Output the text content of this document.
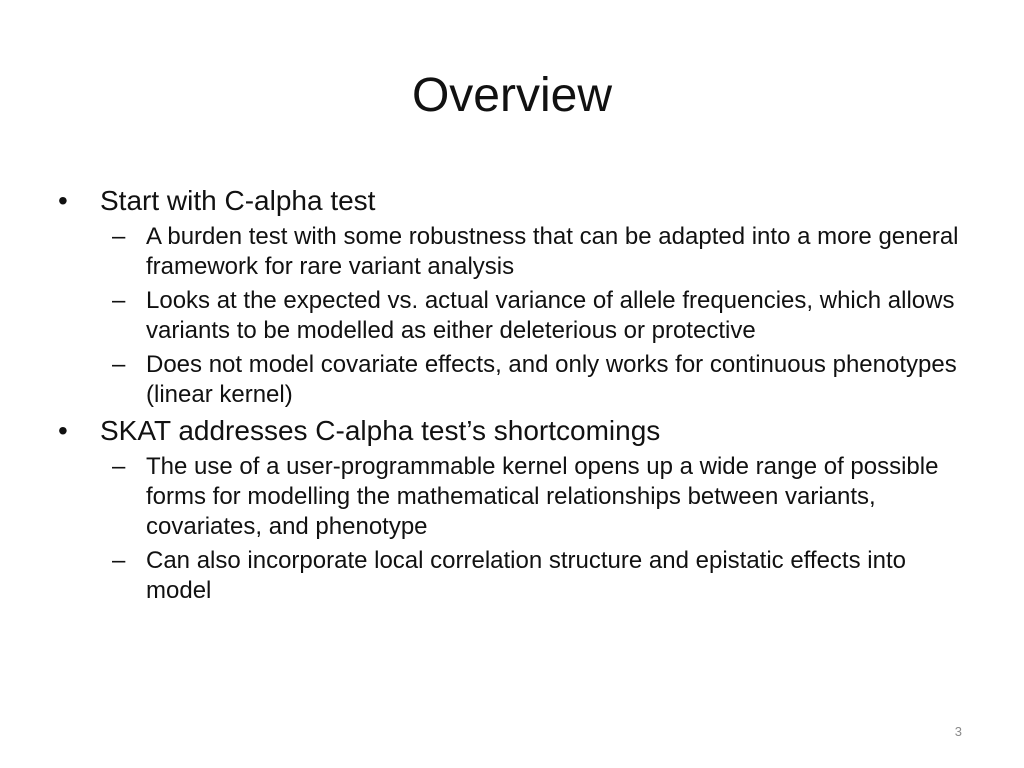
Overview
•	Start with C-alpha test
– A burden test with some robustness that can be adapted into a more general framework for rare variant analysis
– Looks at the expected vs. actual variance of allele frequencies, which allows variants to be modelled as either deleterious or protective
– Does not model covariate effects, and only works for continuous phenotypes (linear kernel)
•	SKAT addresses C-alpha test’s shortcomings
– The use of a user-programmable kernel opens up a wide range of possible forms for modelling the mathematical relationships between variants, covariates, and phenotype
– Can also incorporate local correlation structure and epistatic effects into model
3
